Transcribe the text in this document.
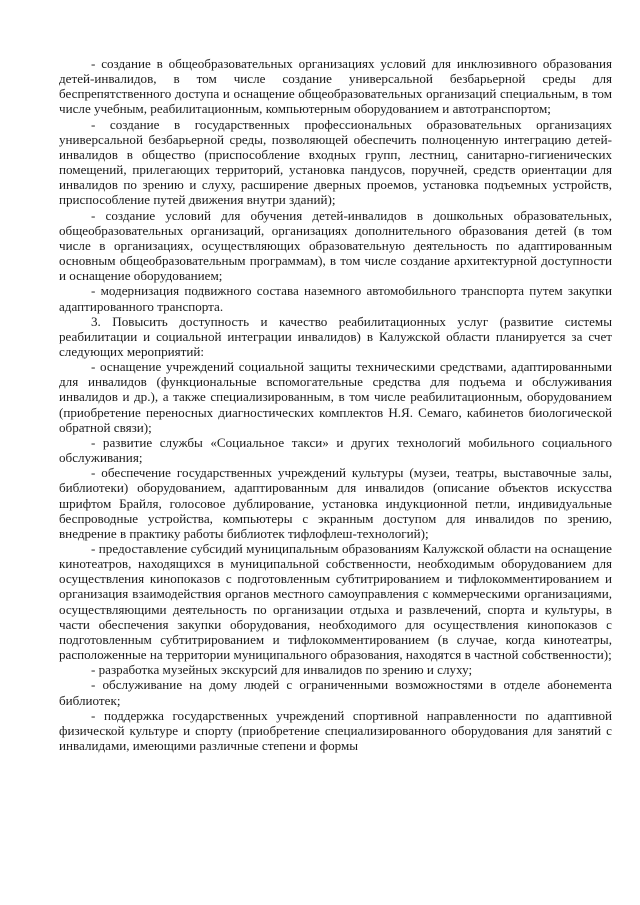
- создание в общеобразовательных организациях условий для инклюзивного образования детей-инвалидов, в том числе создание универсальной безбарьерной среды для беспрепятственного доступа и оснащение общеобразовательных организаций специальным, в том числе учебным, реабилитационным, компьютерным оборудованием и автотранспортом;

- создание в государственных профессиональных образовательных организациях универсальной безбарьерной среды, позволяющей обеспечить полноценную интеграцию детей-инвалидов в общество (приспособление входных групп, лестниц, санитарно-гигиенических помещений, прилегающих территорий, установка пандусов, поручней, средств ориентации для инвалидов по зрению и слуху, расширение дверных проемов, установка подъемных устройств, приспособление путей движения внутри зданий);

- создание условий для обучения детей-инвалидов в дошкольных образовательных, общеобразовательных организаций, организациях дополнительного образования детей (в том числе в организациях, осуществляющих образовательную деятельность по адаптированным основным общеобразовательным программам), в том числе создание архитектурной доступности и оснащение оборудованием;

- модернизация подвижного состава наземного автомобильного транспорта путем закупки адаптированного транспорта.

3. Повысить доступность и качество реабилитационных услуг (развитие системы реабилитации и социальной интеграции инвалидов) в Калужской области планируется за счет следующих мероприятий:

- оснащение учреждений социальной защиты техническими средствами, адаптированными для инвалидов (функциональные вспомогательные средства для подъема и обслуживания инвалидов и др.), а также специализированным, в том числе реабилитационным, оборудованием (приобретение переносных диагностических комплектов Н.Я. Семаго, кабинетов биологической обратной связи);

- развитие службы «Социальное такси» и других технологий мобильного социального обслуживания;

- обеспечение государственных учреждений культуры (музеи, театры, выставочные залы, библиотеки) оборудованием, адаптированным для инвалидов (описание объектов искусства шрифтом Брайля, голосовое дублирование, установка индукционной петли, индивидуальные беспроводные устройства, компьютеры с экранным доступом для инвалидов по зрению, внедрение в практику работы библиотек тифлофлеш-технологий);

- предоставление субсидий муниципальным образованиям Калужской области на оснащение кинотеатров, находящихся в муниципальной собственности, необходимым оборудованием для осуществления кинопоказов с подготовленным субтитрированием и тифлокомментированием и организация взаимодействия органов местного самоуправления с коммерческими организациями, осуществляющими деятельность по организации отдыха и развлечений, спорта и культуры, в части обеспечения закупки оборудования, необходимого для осуществления кинопоказов с подготовленным субтитрированием и тифлокомментированием (в случае, когда кинотеатры, расположенные на территории муниципального образования, находятся в частной собственности);

- разработка музейных экскурсий для инвалидов по зрению и слуху;

- обслуживание на дому людей с ограниченными возможностями в отделе абонемента библиотек;

- поддержка государственных учреждений спортивной направленности по адаптивной физической культуре и спорту (приобретение специализированного оборудования для занятий с инвалидами, имеющими различные степени и формы
